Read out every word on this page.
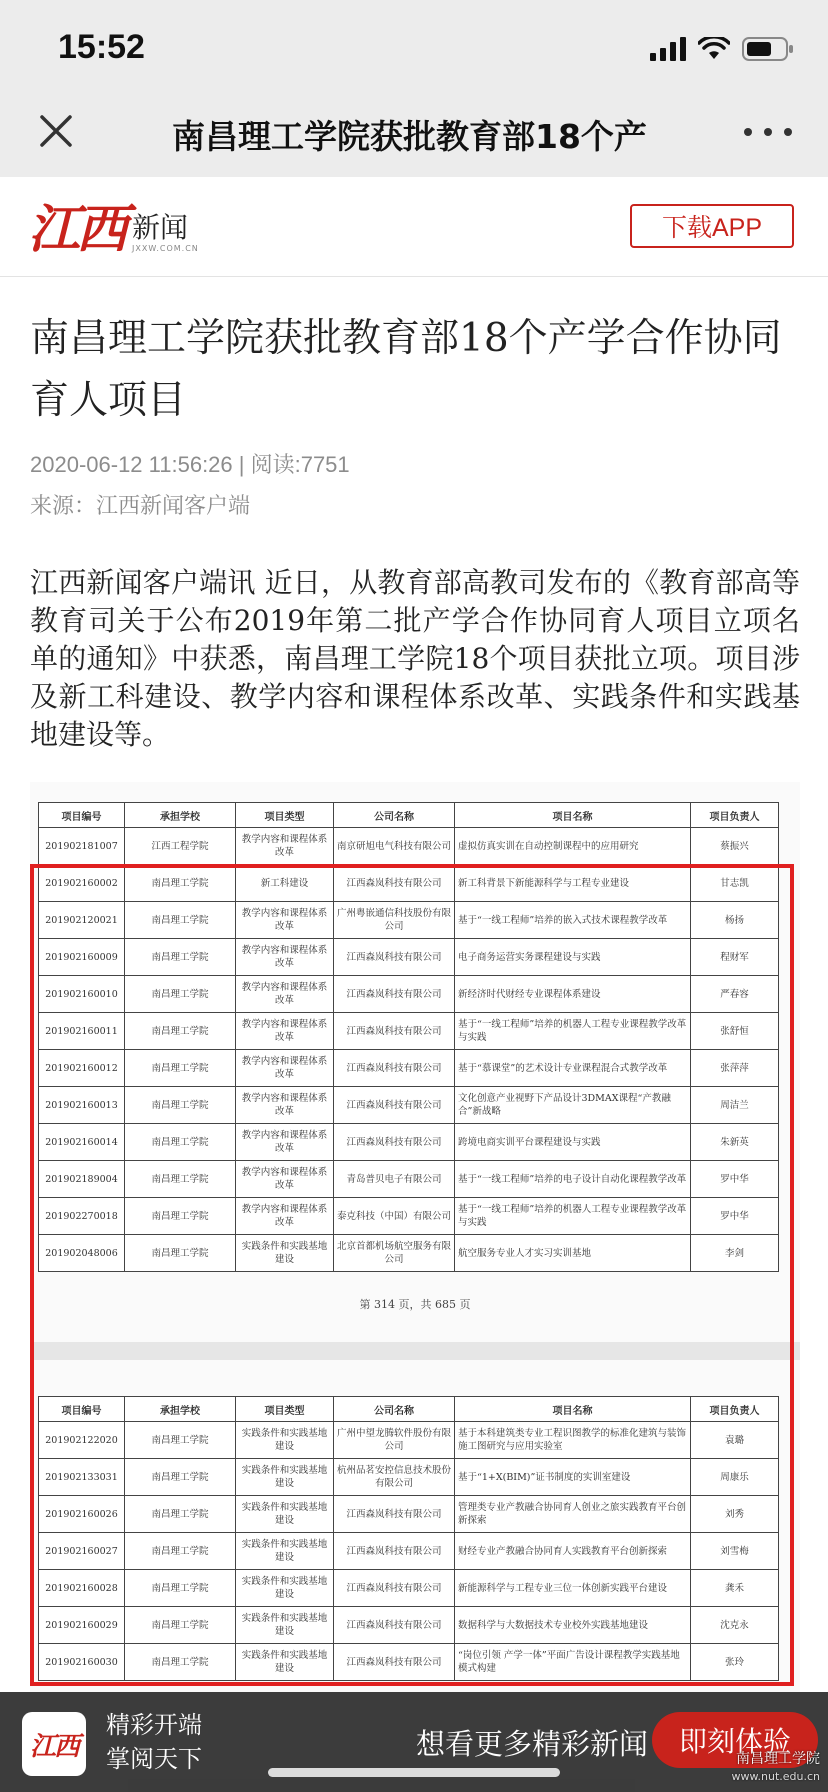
15:52
南昌理工学院获批教育部18个产
江西 新闻
JXXW.COM.CN
下载APP
南昌理工学院获批教育部18个产学合作协同育人项目
2020-06-12 11:56:26 | 阅读:7751
来源：江西新闻客户端

江西新闻客户端讯 近日，从教育部高教司发布的《教育部高等教育司关于公布2019年第二批产学合作协同育人项目立项名单的通知》中获悉，南昌理工学院18个项目获批立项。项目涉及新工科建设、教学内容和课程体系改革、实践条件和实践基地建设等。

项目编号	承担学校	项目类型	公司名称	项目名称	项目负责人
201902181007	江西工程学院	教学内容和课程体系改革	南京研旭电气科技有限公司	虚拟仿真实训在自动控制课程中的应用研究	蔡振兴
201902160002	南昌理工学院	新工科建设	江西森岚科技有限公司	新工科背景下新能源科学与工程专业建设	甘志凯
201902120021	南昌理工学院	教学内容和课程体系改革	广州粤嵌通信科技股份有限公司	基于“一线工程师”培养的嵌入式技术课程教学改革	杨扬
201902160009	南昌理工学院	教学内容和课程体系改革	江西森岚科技有限公司	电子商务运营实务课程建设与实践	程财军
201902160010	南昌理工学院	教学内容和课程体系改革	江西森岚科技有限公司	新经济时代财经专业课程体系建设	严春容
201902160011	南昌理工学院	教学内容和课程体系改革	江西森岚科技有限公司	基于“一线工程师”培养的机器人工程专业课程教学改革与实践	张舒恒
201902160012	南昌理工学院	教学内容和课程体系改革	江西森岚科技有限公司	基于“慕课堂”的艺术设计专业课程混合式教学改革	张萍萍
201902160013	南昌理工学院	教学内容和课程体系改革	江西森岚科技有限公司	文化创意产业视野下产品设计3DMAX课程“产教融合”新战略	周洁兰
201902160014	南昌理工学院	教学内容和课程体系改革	江西森岚科技有限公司	跨境电商实训平台课程建设与实践	朱新英
201902189004	南昌理工学院	教学内容和课程体系改革	青岛普贝电子有限公司	基于“一线工程师”培养的电子设计自动化课程教学改革	罗中华
201902270018	南昌理工学院	教学内容和课程体系改革	泰克科技（中国）有限公司	基于“一线工程师”培养的机器人工程专业课程教学改革与实践	罗中华
201902048006	南昌理工学院	实践条件和实践基地建设	北京首都机场航空服务有限公司	航空服务专业人才实习实训基地	李剑
第 314 页，共 685 页
项目编号	承担学校	项目类型	公司名称	项目名称	项目负责人
201902122020	南昌理工学院	实践条件和实践基地建设	广州中望龙腾软件股份有限公司	基于本科建筑类专业工程识图教学的标准化建筑与装饰施工图研究与应用实验室	袁璐
201902133031	南昌理工学院	实践条件和实践基地建设	杭州品茗安控信息技术股份有限公司	基于“1+X(BIM)”证书制度的实训室建设	周康乐
201902160026	南昌理工学院	实践条件和实践基地建设	江西森岚科技有限公司	管理类专业产教融合协同育人创业之旅实践教育平台创新探索	刘秀
201902160027	南昌理工学院	实践条件和实践基地建设	江西森岚科技有限公司	财经专业产教融合协同育人实践教育平台创新探索	刘雪梅
201902160028	南昌理工学院	实践条件和实践基地建设	江西森岚科技有限公司	新能源科学与工程专业三位一体创新实践平台建设	龚禾
201902160029	南昌理工学院	实践条件和实践基地建设	江西森岚科技有限公司	数据科学与大数据技术专业校外实践基地建设	沈克永
201902160030	南昌理工学院	实践条件和实践基地建设	江西森岚科技有限公司	“岗位引领 产学一体”平面广告设计课程教学实践基地模式构建	张玲
江西
精彩开端
掌阅天下	想看更多精彩新闻	即刻体验
南昌理工学院
www.nut.edu.cn
